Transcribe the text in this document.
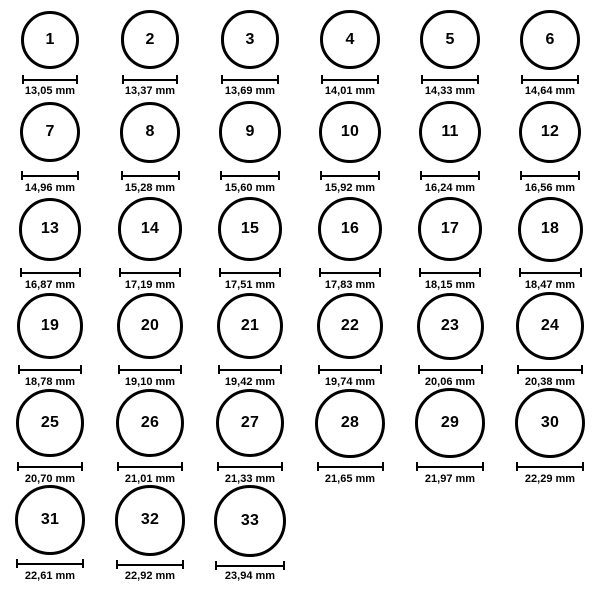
1
13,05 mm
2
13,37 mm
3
13,69 mm
4
14,01 mm
5
14,33 mm
6
14,64 mm
7
14,96 mm
8
15,28 mm
9
15,60 mm
10
15,92 mm
11
16,24 mm
12
16,56 mm
13
16,87 mm
14
17,19 mm
15
17,51 mm
16
17,83 mm
17
18,15 mm
18
18,47 mm
19
18,78 mm
20
19,10 mm
21
19,42 mm
22
19,74 mm
23
20,06 mm
24
20,38 mm
25
20,70 mm
26
21,01 mm
27
21,33 mm
28
21,65 mm
29
21,97 mm
30
22,29 mm
31
22,61 mm
32
22,92 mm
33
23,94 mm
